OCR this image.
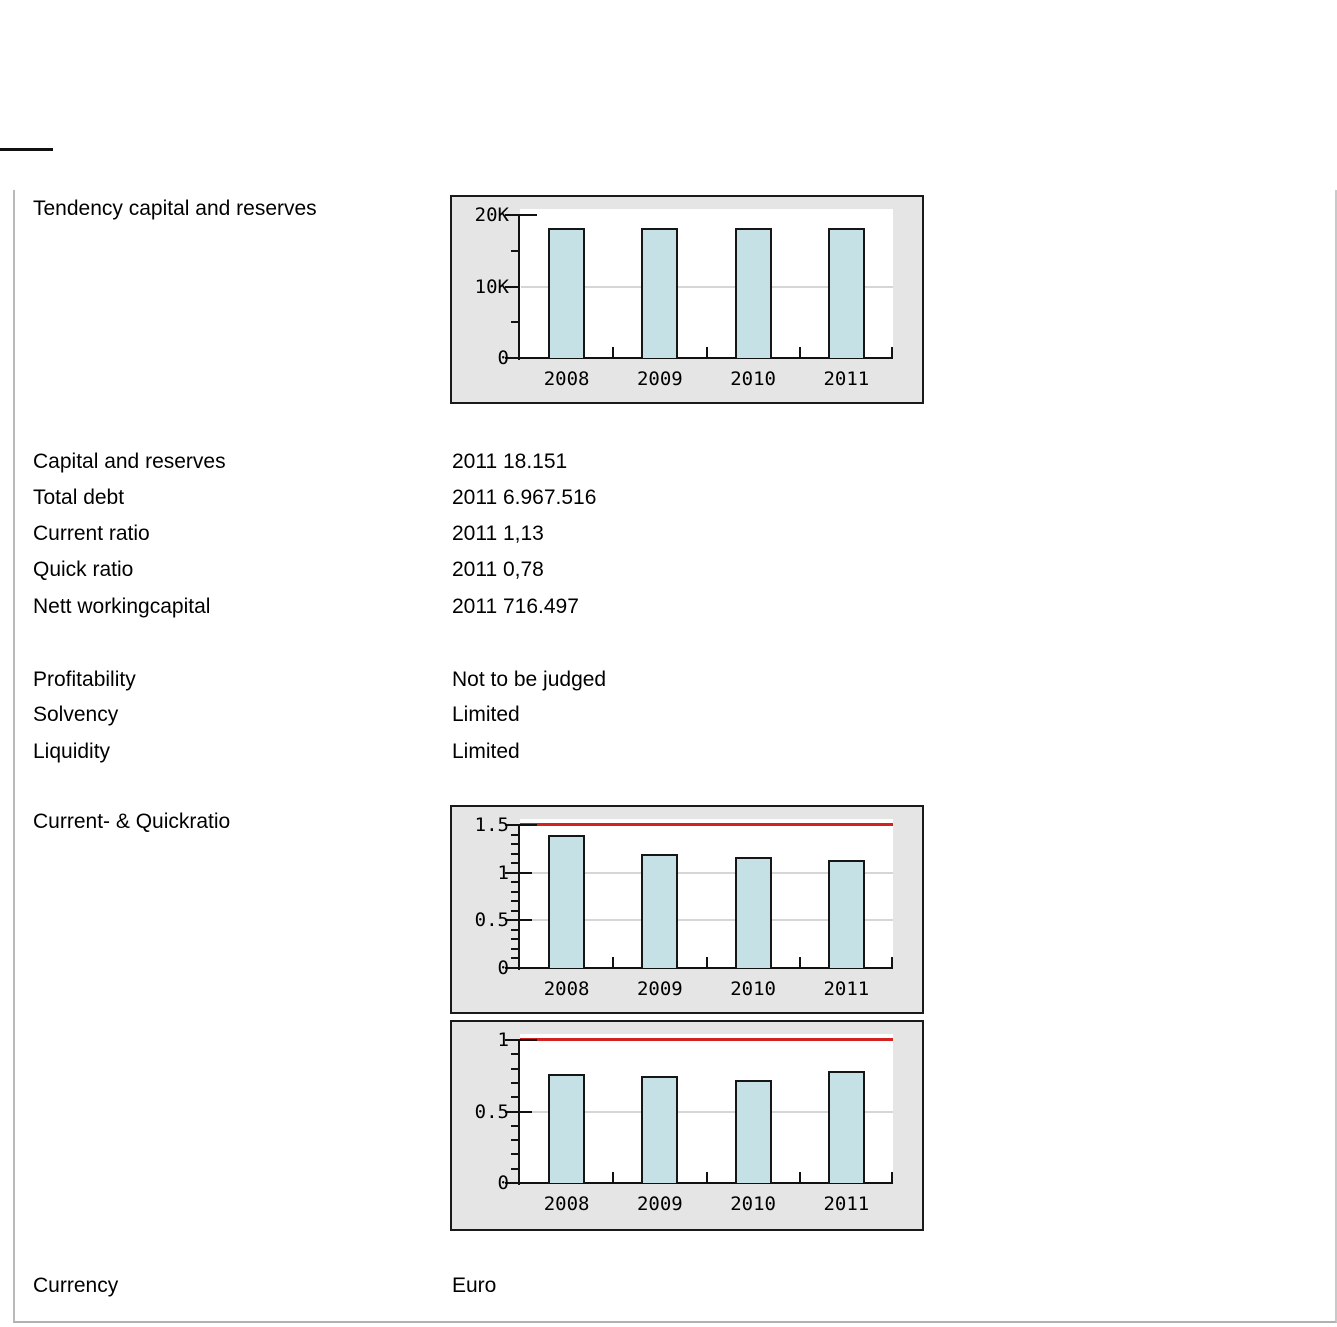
Tendency capital and reserves
0
10K
20K
2008	2009	2010	2011
Capital and reserves	2011 18.151
Total debt	2011 6.967.516
Current ratio	2011 1,13
Quick ratio	2011 0,78
Nett workingcapital	2011 716.497
Profitability	Not to be judged
Solvency	Limited
Liquidity	Limited
Current- & Quickratio
0
0.5
1
1.5
2008	2009	2010	2011
0
0.5
1
2008	2009	2010	2011
Currency	Euro
